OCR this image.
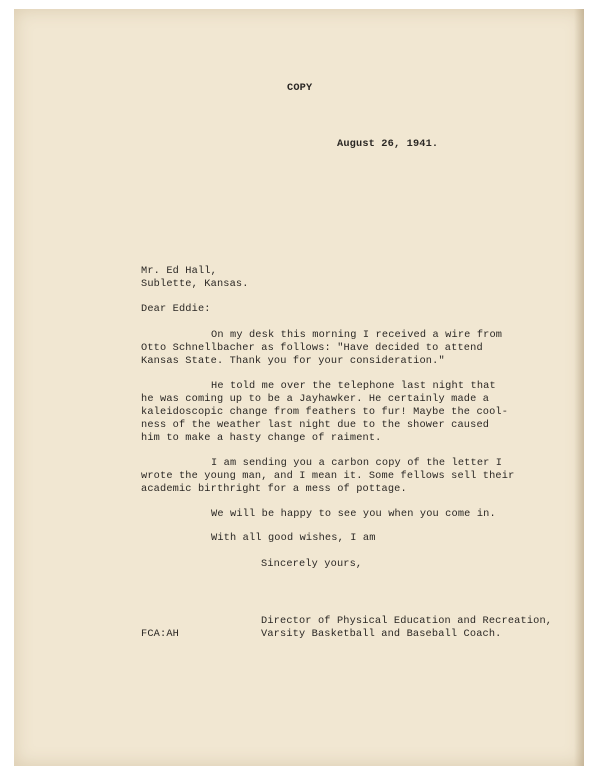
COPY

August 26, 1941.

Mr. Ed Hall,

Sublette, Kansas.

Dear Eddie:

On my desk this morning I received a wire from

Otto Schnellbacher as follows: "Have decided to attend

Kansas State. Thank you for your consideration."

He told me over the telephone last night that

he was coming up to be a Jayhawker. He certainly made a

kaleidoscopic change from feathers to fur! Maybe the cool-

ness of the weather last night due to the shower caused

him to make a hasty change of raiment.

I am sending you a carbon copy of the letter I

wrote the young man, and I mean it. Some fellows sell their

academic birthright for a mess of pottage.

We will be happy to see you when you come in.

With all good wishes, I am

Sincerely yours,

Director of Physical Education and Recreation,

Varsity Basketball and Baseball Coach.

FCA:AH
